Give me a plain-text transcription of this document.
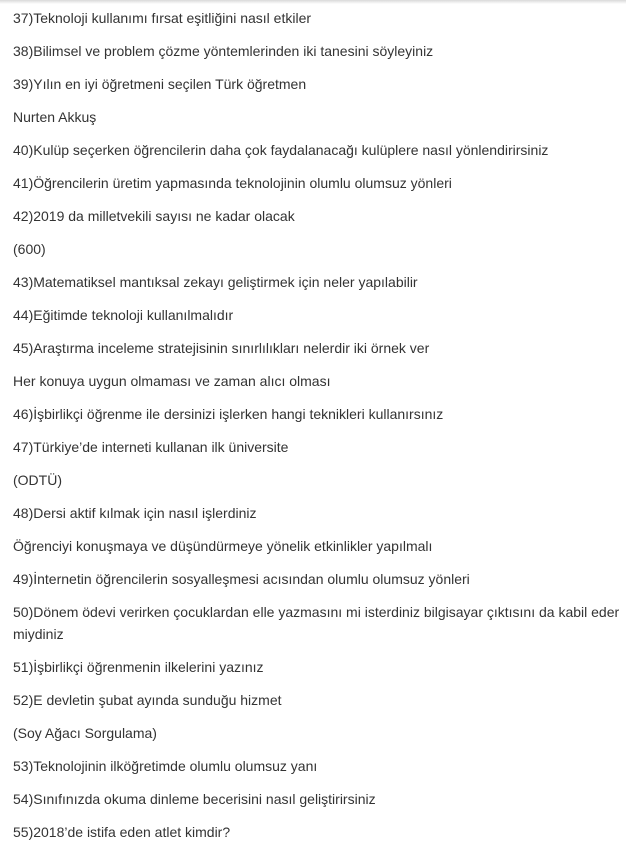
37)Teknoloji kullanımı fırsat eşitliğini nasıl etkiler

38)Bilimsel ve problem çözme yöntemlerinden iki tanesini söyleyiniz

39)Yılın en iyi öğretmeni seçilen Türk öğretmen

Nurten Akkuş

40)Kulüp seçerken öğrencilerin daha çok faydalanacağı kulüplere nasıl yönlendirirsiniz

41)Öğrencilerin üretim yapmasında teknolojinin olumlu olumsuz yönleri

42)2019 da milletvekili sayısı ne kadar olacak

(600)

43)Matematiksel mantıksal zekayı geliştirmek için neler yapılabilir

44)Eğitimde teknoloji kullanılmalıdır

45)Araştırma inceleme stratejisinin sınırlılıkları nelerdir iki örnek ver

Her konuya uygun olmaması ve zaman alıcı olması

46)İşbirlikçi öğrenme ile dersinizi işlerken hangi teknikleri kullanırsınız

47)Türkiye’de interneti kullanan ilk üniversite

(ODTÜ)

48)Dersi aktif kılmak için nasıl işlerdiniz

Öğrenciyi konuşmaya ve düşündürmeye yönelik etkinlikler yapılmalı

49)İnternetin öğrencilerin sosyalleşmesi acısından olumlu olumsuz yönleri

50)Dönem ödevi verirken çocuklardan elle yazmasını mi isterdiniz bilgisayar çıktısını da kabil eder miydiniz

51)İşbirlikçi öğrenmenin ilkelerini yazınız

52)E devletin şubat ayında sunduğu hizmet

(Soy Ağacı Sorgulama)

53)Teknolojinin ilköğretimde olumlu olumsuz yanı

54)Sınıfınızda okuma dinleme becerisini nasıl geliştirirsiniz

55)2018’de istifa eden atlet kimdir?
